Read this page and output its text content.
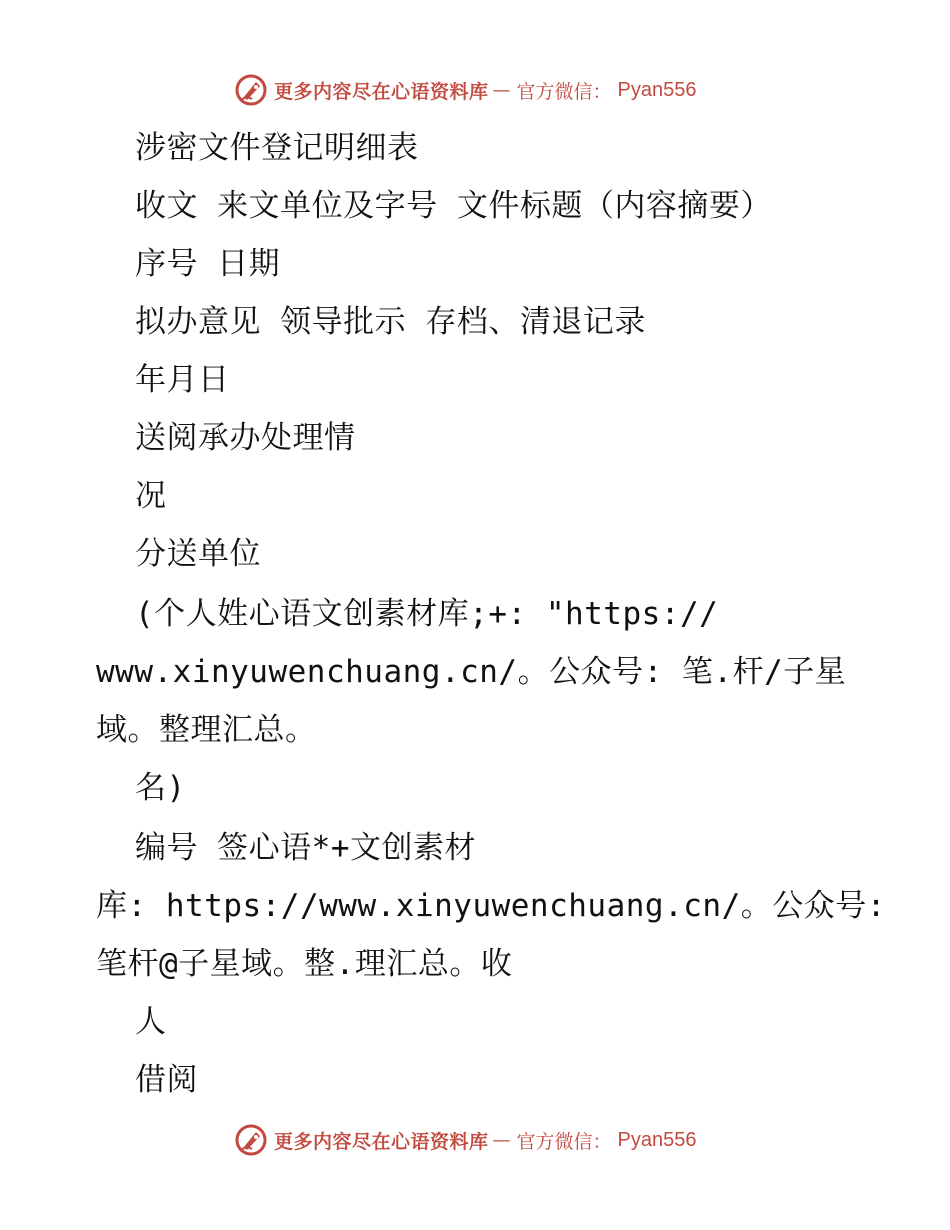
更多内容尽在心语资料库 — 官方微信： Pyan556
涉密文件登记明细表
收文 来文单位及字号 文件标题（内容摘要）
序号 日期
拟办意见 领导批示 存档、清退记录
年月日
送阅承办处理情
况
分送单位
(个人姓心语文创素材库;+: "https://
www.xinyuwenchuang.cn/。公众号: 笔.杆/子星
域。整理汇总。
名)
编号 签心语*+文创素材
库: https://www.xinyuwenchuang.cn/。公众号:
笔杆@子星域。整.理汇总。收
人
借阅
更多内容尽在心语资料库 — 官方微信： Pyan556
